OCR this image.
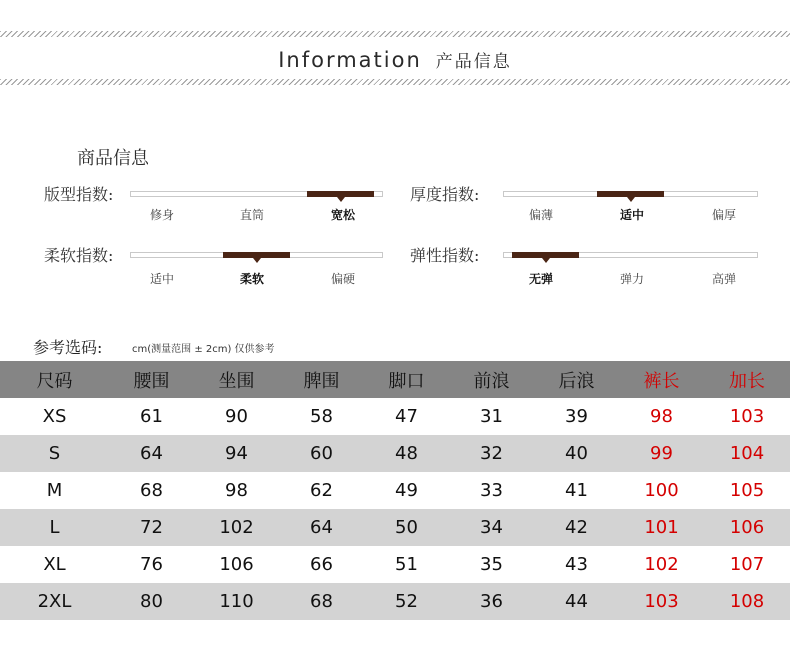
Information 产品信息
商品信息
版型指数:
修身	直筒	宽松
厚度指数:
偏薄	适中	偏厚
柔软指数:
适中	柔软	偏硬
弹性指数:
无弹	弹力	高弹
参考选码:	cm(测量范围 ± 2cm) 仅供参考
尺码	腰围	坐围	脾围	脚口	前浪	后浪	裤长	加长
XS	61	90	58	47	31	39	98	103
S	64	94	60	48	32	40	99	104
M	68	98	62	49	33	41	100	105
L	72	102	64	50	34	42	101	106
XL	76	106	66	51	35	43	102	107
2XL	80	110	68	52	36	44	103	108
